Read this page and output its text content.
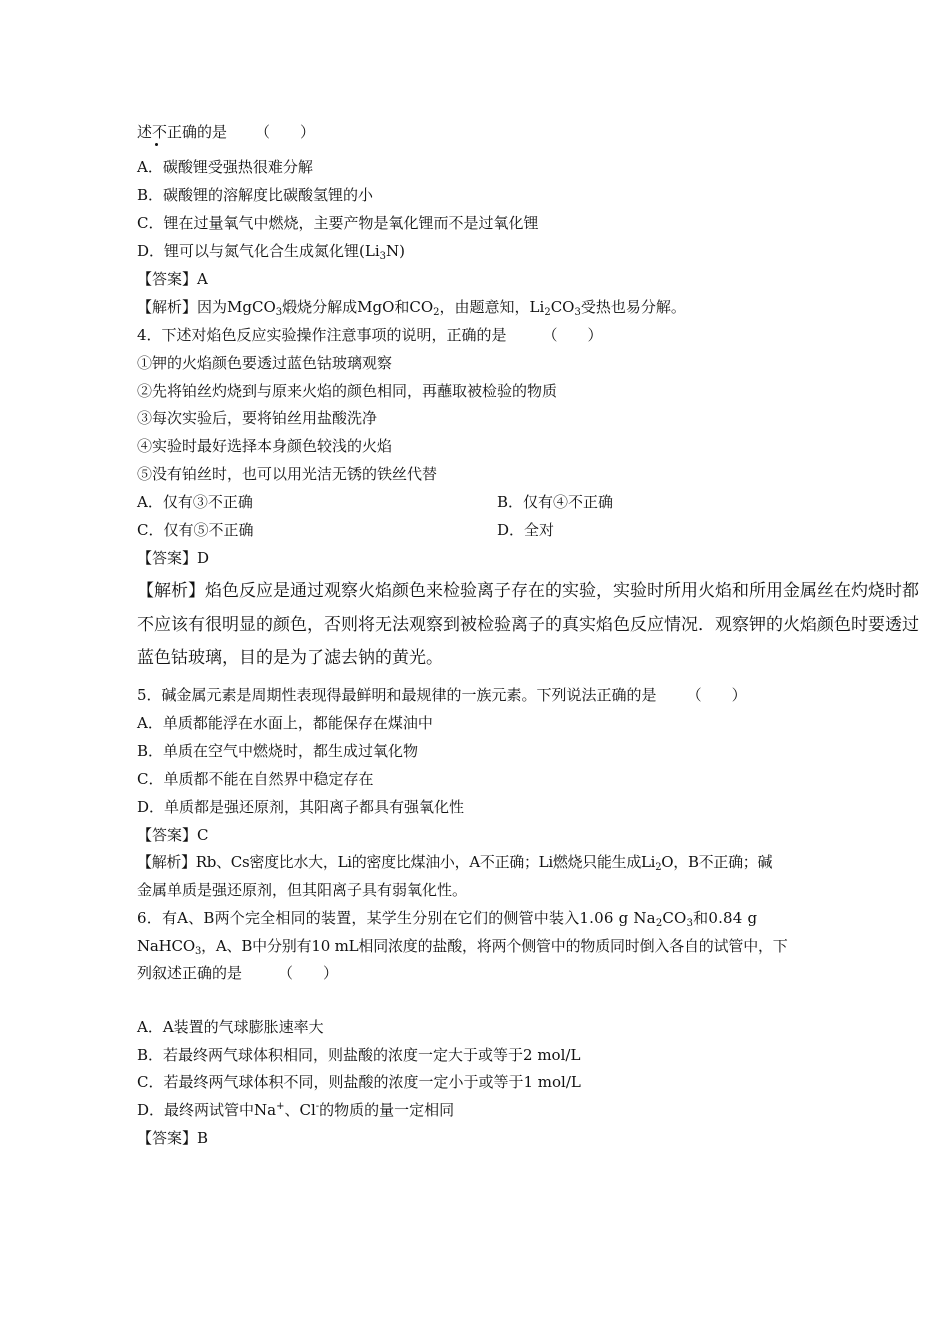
述不正确的是 （　　）
A．碳酸锂受强热很难分解
B．碳酸锂的溶解度比碳酸氢锂的小
C．锂在过量氧气中燃烧，主要产物是氧化锂而不是过氧化锂
D．锂可以与氮气化合生成氮化锂$(Li_3N)$
【答案】A
【解析】因为MgCO$_3$煅烧分解成MgO和$CO_2$，由题意知，$Li_2CO_3$受热也易分解。
4．下述对焰色反应实验操作注意事项的说明，正确的是 （　　）
①钾的火焰颜色要透过蓝色钴玻璃观察
②先将铂丝灼烧到与原来火焰的颜色相同，再蘸取被检验的物质
③每次实验后，要将铂丝用盐酸洗净
④实验时最好选择本身颜色较浅的火焰
⑤没有铂丝时，也可以用光洁无锈的铁丝代替
A．仅有③不正确	B．仅有④不正确
C．仅有⑤不正确	D．全对
【答案】D
【解析】焰色反应是通过观察火焰颜色来检验离子存在的实验，实验时所用火焰和所用金属丝在灼烧时都
不应该有很明显的颜色，否则将无法观察到被检验离子的真实焰色反应情况．观察钾的火焰颜色时要透过
蓝色钴玻璃，目的是为了滤去钠的黄光。
5．碱金属元素是周期性表现得最鲜明和最规律的一族元素。下列说法正确的是 （　　）
A．单质都能浮在水面上，都能保存在煤油中
B．单质在空气中燃烧时，都生成过氧化物
C．单质都不能在自然界中稳定存在
D．单质都是强还原剂，其阳离子都具有强氧化性
【答案】C
【解析】Rb、Cs密度比水大，Li的密度比煤油小，A不正确；Li燃烧只能生成$Li_2O$，B不正确；碱
金属单质是强还原剂，但其阳离子具有弱氧化性。
6．有A、B两个完全相同的装置，某学生分别在它们的侧管中装入1.06 g $Na_2CO_3$和0.84 g
NaHCO$_3$，A、B中分别有10 mL相同浓度的盐酸，将两个侧管中的物质同时倒入各自的试管中，下
列叙述正确的是 （　　）
A．A装置的气球膨胀速率大
B．若最终两气球体积相同，则盐酸的浓度一定大于或等于2 mol/L
C．若最终两气球体积不同，则盐酸的浓度一定小于或等于1 mol/L
D．最终两试管中Na+、Cl-的物质的量一定相同
【答案】B
